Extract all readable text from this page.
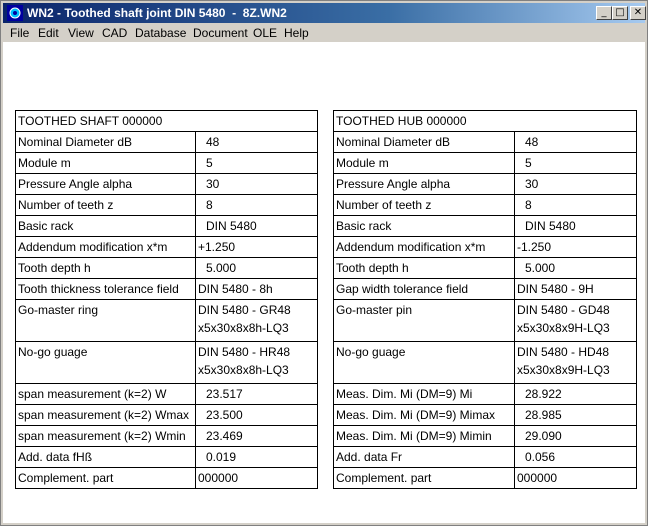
WN2 - Toothed shaft joint DIN 5480  -  8Z.WN2	_ □ ✕
File Edit View CAD Database Document OLE Help
TOOTHED SHAFT 000000	
Nominal Diameter dB	48
Module m	5
Pressure Angle alpha	30
Number of teeth z	8
Basic rack	DIN 5480
Addendum modification x*m	+1.250
Tooth depth h	5.000
Tooth thickness tolerance field	DIN 5480 - 8h
Go-master ring	DIN 5480 - GR48
x5x30x8x8h-LQ3

No-go guage	DIN 5480 - HR48
x5x30x8x8h-LQ3

span measurement (k=2) W	23.517
span measurement (k=2) Wmax	23.500
span measurement (k=2) Wmin	23.469
Add. data fHß	0.019
Complement. part	000000
TOOTHED HUB 000000	
Nominal Diameter dB	48
Module m	5
Pressure Angle alpha	30
Number of teeth z	8
Basic rack	DIN 5480
Addendum modification x*m	-1.250
Tooth depth h	5.000
Gap width tolerance field	DIN 5480 - 9H
Go-master pin	DIN 5480 - GD48
x5x30x8x9H-LQ3

No-go guage	DIN 5480 - HD48
x5x30x8x9H-LQ3

Meas. Dim. Mi (DM=9) Mi	28.922
Meas. Dim. Mi (DM=9) Mimax	28.985
Meas. Dim. Mi (DM=9) Mimin	29.090
Add. data Fr	0.056
Complement. part	000000
